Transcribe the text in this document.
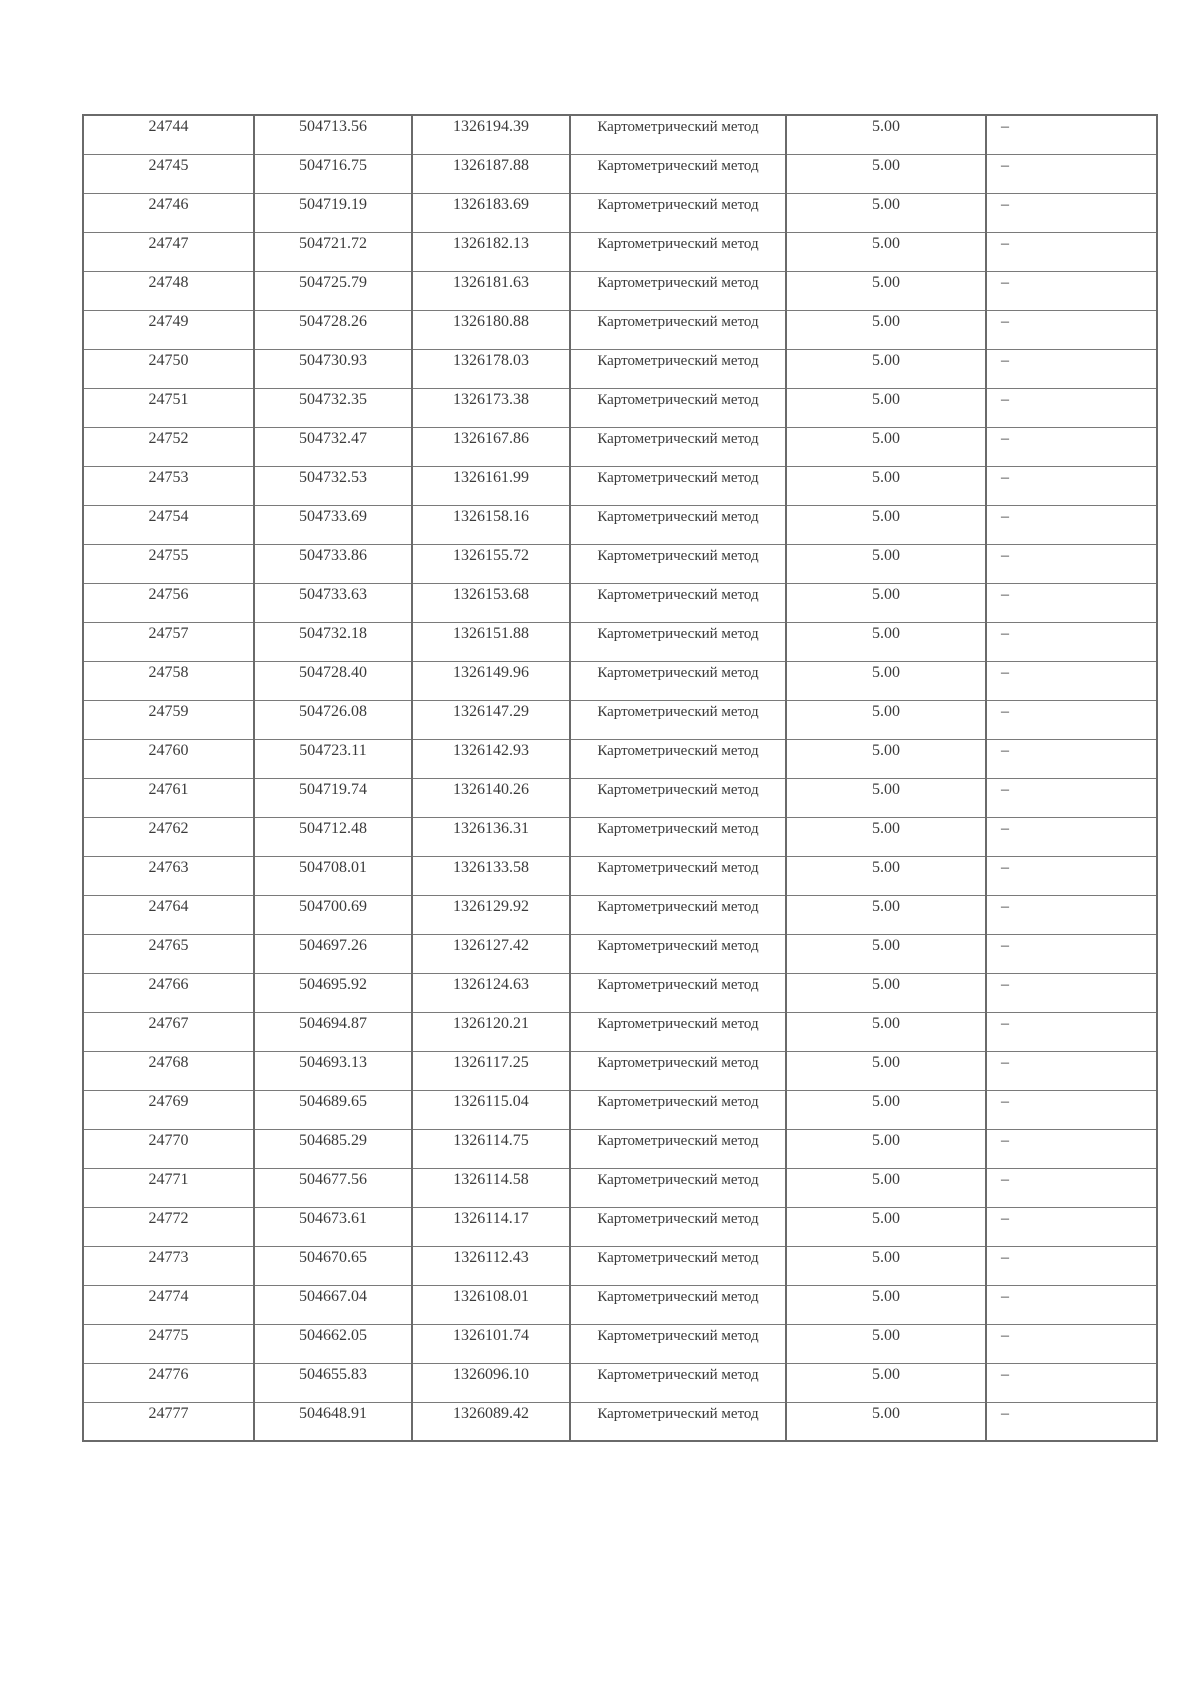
24744	504713.56	1326194.39	Картометрический метод	5.00	–

24745	504716.75	1326187.88	Картометрический метод	5.00	–

24746	504719.19	1326183.69	Картометрический метод	5.00	–

24747	504721.72	1326182.13	Картометрический метод	5.00	–

24748	504725.79	1326181.63	Картометрический метод	5.00	–

24749	504728.26	1326180.88	Картометрический метод	5.00	–

24750	504730.93	1326178.03	Картометрический метод	5.00	–

24751	504732.35	1326173.38	Картометрический метод	5.00	–

24752	504732.47	1326167.86	Картометрический метод	5.00	–

24753	504732.53	1326161.99	Картометрический метод	5.00	–

24754	504733.69	1326158.16	Картометрический метод	5.00	–

24755	504733.86	1326155.72	Картометрический метод	5.00	–

24756	504733.63	1326153.68	Картометрический метод	5.00	–

24757	504732.18	1326151.88	Картометрический метод	5.00	–

24758	504728.40	1326149.96	Картометрический метод	5.00	–

24759	504726.08	1326147.29	Картометрический метод	5.00	–

24760	504723.11	1326142.93	Картометрический метод	5.00	–

24761	504719.74	1326140.26	Картометрический метод	5.00	–

24762	504712.48	1326136.31	Картометрический метод	5.00	–

24763	504708.01	1326133.58	Картометрический метод	5.00	–

24764	504700.69	1326129.92	Картометрический метод	5.00	–

24765	504697.26	1326127.42	Картометрический метод	5.00	–

24766	504695.92	1326124.63	Картометрический метод	5.00	–

24767	504694.87	1326120.21	Картометрический метод	5.00	–

24768	504693.13	1326117.25	Картометрический метод	5.00	–

24769	504689.65	1326115.04	Картометрический метод	5.00	–

24770	504685.29	1326114.75	Картометрический метод	5.00	–

24771	504677.56	1326114.58	Картометрический метод	5.00	–

24772	504673.61	1326114.17	Картометрический метод	5.00	–

24773	504670.65	1326112.43	Картометрический метод	5.00	–

24774	504667.04	1326108.01	Картометрический метод	5.00	–

24775	504662.05	1326101.74	Картометрический метод	5.00	–

24776	504655.83	1326096.10	Картометрический метод	5.00	–

24777	504648.91	1326089.42	Картометрический метод	5.00	–
